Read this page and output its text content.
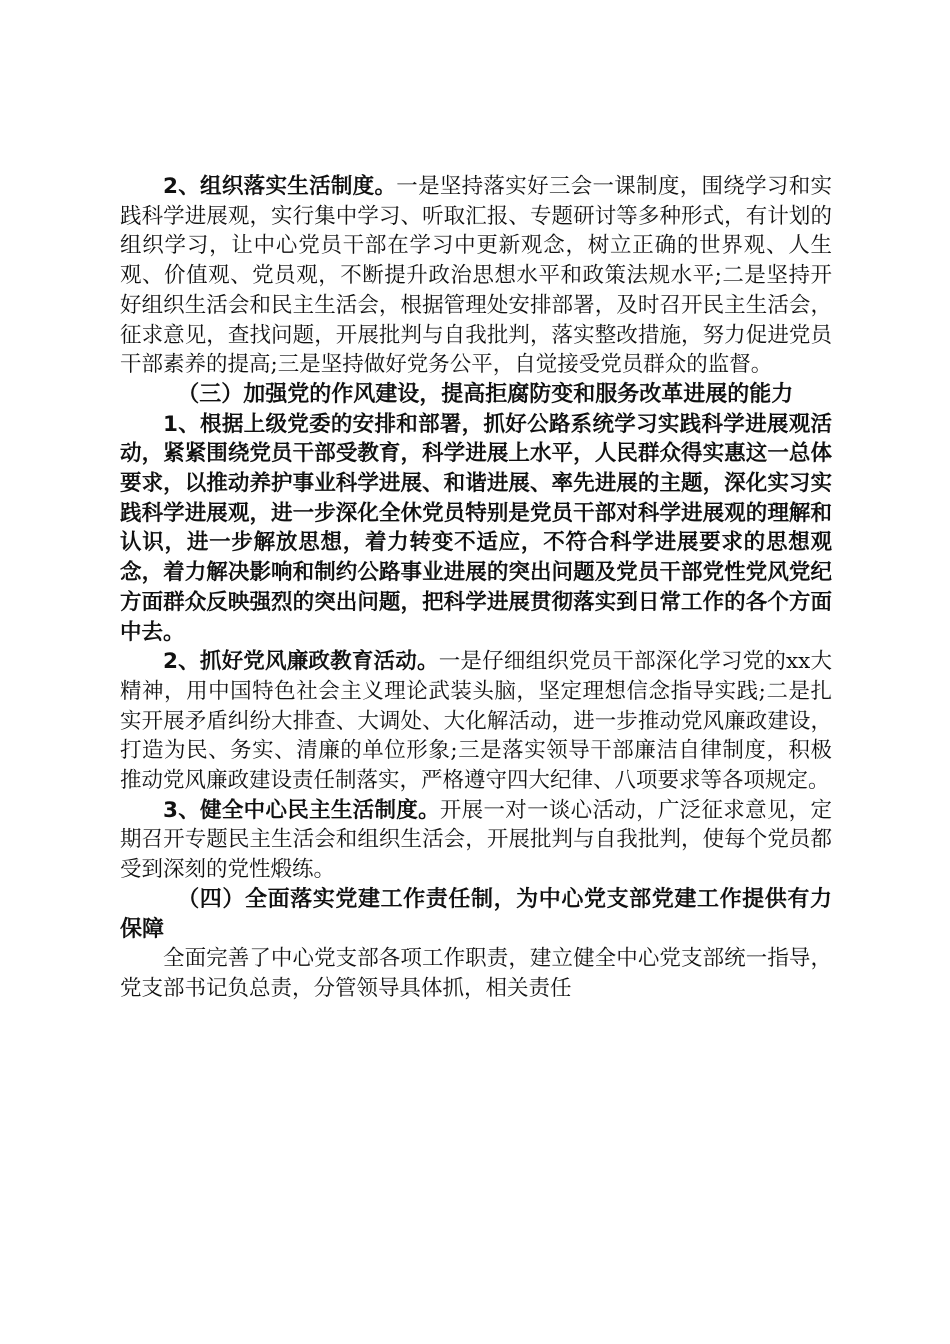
2、组织落实生活制度。一是坚持落实好三会一课制度，围绕学习和实践科学进展观，实行集中学习、听取汇报、专题研讨等多种形式，有计划的组织学习，让中心党员干部在学习中更新观念，树立正确的世界观、人生观、价值观、党员观，不断提升政治思想水平和政策法规水平;二是坚持开好组织生活会和民主生活会，根据管理处安排部署，及时召开民主生活会，征求意见，查找问题，开展批判与自我批判，落实整改措施，努力促进党员干部素养的提高;三是坚持做好党务公平，自觉接受党员群众的监督。

（三）加强党的作风建设，提高拒腐防变和服务改革进展的能力

1、根据上级党委的安排和部署，抓好公路系统学习实践科学进展观活动，紧紧围绕党员干部受教育，科学进展上水平，人民群众得实惠这一总体要求，以推动养护事业科学进展、和谐进展、率先进展的主题，深化实习实践科学进展观，进一步深化全休党员特别是党员干部对科学进展观的理解和认识，进一步解放思想，着力转变不适应，不符合科学进展要求的思想观念，着力解决影响和制约公路事业进展的突出问题及党员干部党性党风党纪方面群众反映强烈的突出问题，把科学进展贯彻落实到日常工作的各个方面中去。

2、抓好党风廉政教育活动。一是仔细组织党员干部深化学习党的xx大精神，用中国特色社会主义理论武装头脑，坚定理想信念指导实践;二是扎实开展矛盾纠纷大排查、大调处、大化解活动，进一步推动党风廉政建设，打造为民、务实、清廉的单位形象;三是落实领导干部廉洁自律制度，积极推动党风廉政建设责任制落实，严格遵守四大纪律、八项要求等各项规定。

3、健全中心民主生活制度。开展一对一谈心活动，广泛征求意见，定期召开专题民主生活会和组织生活会，开展批判与自我批判，使每个党员都受到深刻的党性煅练。

（四）全面落实党建工作责任制，为中心党支部党建工作提供有力保障

全面完善了中心党支部各项工作职责，建立健全中心党支部统一指导，党支部书记负总责，分管领导具体抓，相关责任
